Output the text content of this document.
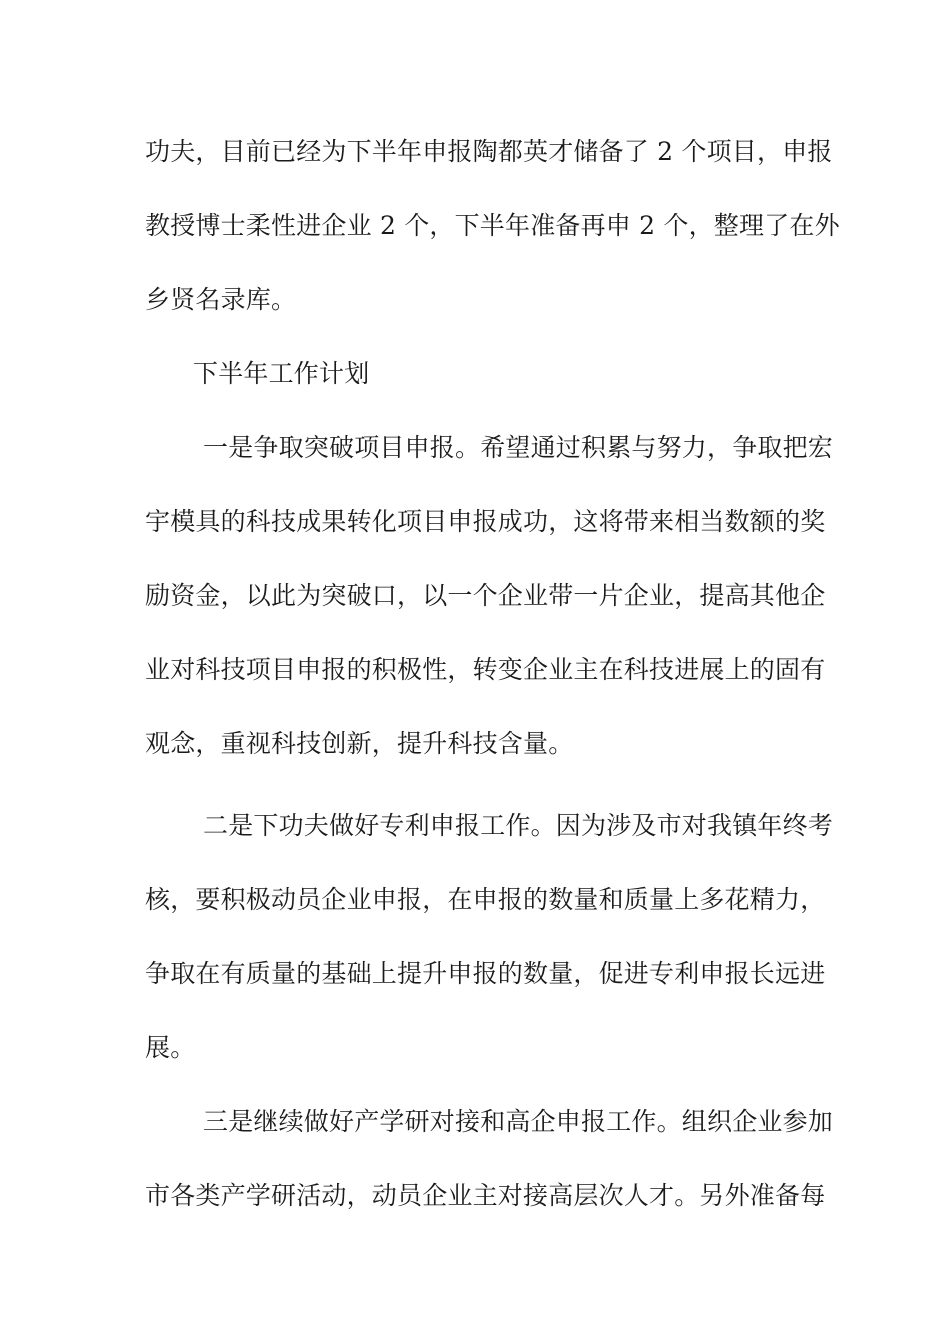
功夫，目前已经为下半年申报陶都英才储备了 2 个项目，申报
教授博士柔性进企业 2 个，下半年准备再申 2 个，整理了在外
乡贤名录库。
下半年工作计划
一是争取突破项目申报。希望通过积累与努力，争取把宏
宇模具的科技成果转化项目申报成功，这将带来相当数额的奖
励资金，以此为突破口，以一个企业带一片企业，提高其他企
业对科技项目申报的积极性，转变企业主在科技进展上的固有
观念，重视科技创新，提升科技含量。
二是下功夫做好专利申报工作。因为涉及市对我镇年终考
核，要积极动员企业申报，在申报的数量和质量上多花精力，
争取在有质量的基础上提升申报的数量，促进专利申报长远进
展。
三是继续做好产学研对接和高企申报工作。组织企业参加
市各类产学研活动，动员企业主对接高层次人才。另外准备每
